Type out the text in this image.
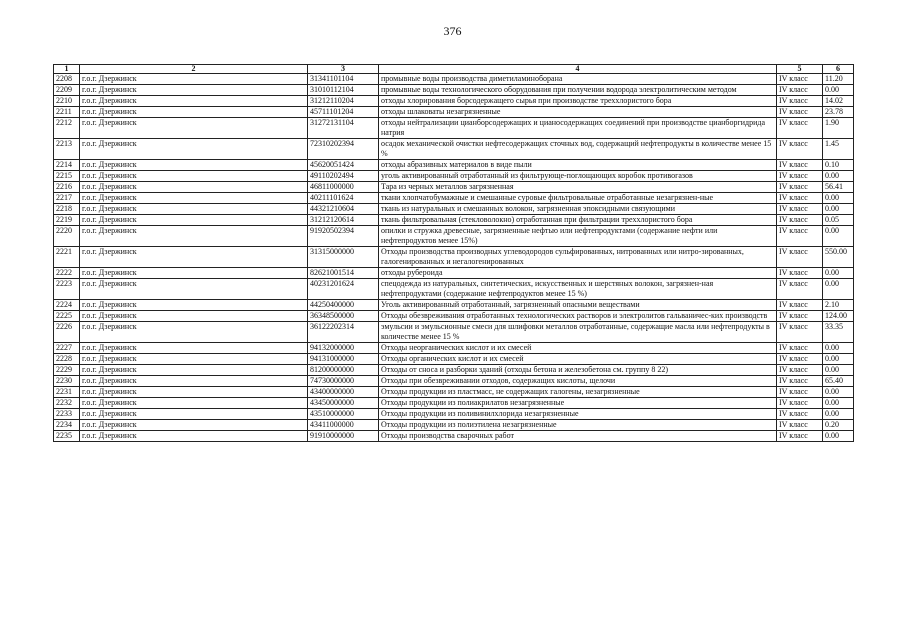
376
1	2	3	4	5	6
2208	г.о.г. Дзержинск	31341101104	промывные воды производства диметиламиноборана	IV класс	11.20
2209	г.о.г. Дзержинск	31010112104	промывные воды технологического оборудования при получении водорода электролитическим методом	IV класс	0.00
2210	г.о.г. Дзержинск	31212110204	отходы хлорирования борсодержащего сырья при производстве треххлористого бора	IV класс	14.02
2211	г.о.г. Дзержинск	45711101204	отходы шлаковаты незагрязненные	IV класс	23.78
2212	г.о.г. Дзержинск	31272131104	отходы нейтрализации цианборсодержащих и цианосодержащих соединений при производстве цианборгидрида натрия	IV класс	1.90
2213	г.о.г. Дзержинск	72310202394	осадок механической очистки нефтесодержащих сточных вод, содержащий нефтепродукты в количестве менее 15 %	IV класс	1.45
2214	г.о.г. Дзержинск	45620051424	отходы абразивных материалов в виде пыли	IV класс	0.10
2215	г.о.г. Дзержинск	49110202494	уголь активированный отработанный из фильтрующе-поглощающих коробок противогазов	IV класс	0.00
2216	г.о.г. Дзержинск	46811000000	Тара из черных металлов загрязненная	IV класс	56.41
2217	г.о.г. Дзержинск	40211101624	ткани хлопчатобумажные и смешанные суровые фильтровальные отработанные незагрязнен-ные	IV класс	0.00
2218	г.о.г. Дзержинск	44321210604	ткань из натуральных и смешанных волокон, загрязненная эпоксидными связующими	IV класс	0.00
2219	г.о.г. Дзержинск	31212120614	ткань фильтровальная (стекловолокно) отработанная при фильтрации треххлористого бора	IV класс	0.05
2220	г.о.г. Дзержинск	91920502394	опилки и стружка древесные, загрязненные нефтью или нефтепродуктами (содержание нефти или нефтепродуктов менее 15%)	IV класс	0.00
2221	г.о.г. Дзержинск	31315000000	Отходы производства производных углеводородов сульфированных, нитрованных или нитро-зированных, галогенированных и негалогенированных	IV класс	550.00
2222	г.о.г. Дзержинск	82621001514	отходы рубероида	IV класс	0.00
2223	г.о.г. Дзержинск	40231201624	спецодежда из натуральных, синтетических, искусственных и шерстяных волокон, загрязнен-ная нефтепродуктами (содержание нефтепродуктов менее 15 %)	IV класс	0.00
2224	г.о.г. Дзержинск	44250400000	Уголь активированный отработанный, загрязненный опасными веществами	IV класс	2.10
2225	г.о.г. Дзержинск	36348500000	Отходы обезвреживания отработанных технологических растворов и электролитов гальваничес-ких производств	IV класс	124.00
2226	г.о.г. Дзержинск	36122202314	эмульсии и эмульсионные смеси для шлифовки металлов отработанные, содержащие масла или нефтепродукты в количестве менее 15 %	IV класс	33.35
2227	г.о.г. Дзержинск	94132000000	Отходы неорганических кислот и их смесей	IV класс	0.00
2228	г.о.г. Дзержинск	94131000000	Отходы органических кислот и их смесей	IV класс	0.00
2229	г.о.г. Дзержинск	81200000000	Отходы от сноса и разборки зданий (отходы бетона и железобетона см. группу 8 22)	IV класс	0.00
2230	г.о.г. Дзержинск	74730000000	Отходы при обезвреживании отходов, содержащих кислоты, щелочи	IV класс	65.40
2231	г.о.г. Дзержинск	43400000000	Отходы продукции из пластмасс, не содержащих галогены, незагрязненные	IV класс	0.00
2232	г.о.г. Дзержинск	43450000000	Отходы продукции из полиакрилатов незагрязненные	IV класс	0.00
2233	г.о.г. Дзержинск	43510000000	Отходы продукции из поливинилхлорида незагрязненные	IV класс	0.00
2234	г.о.г. Дзержинск	43411000000	Отходы продукции из полиэтилена незагрязненные	IV класс	0.20
2235	г.о.г. Дзержинск	91910000000	Отходы производства сварочных работ	IV класс	0.00
